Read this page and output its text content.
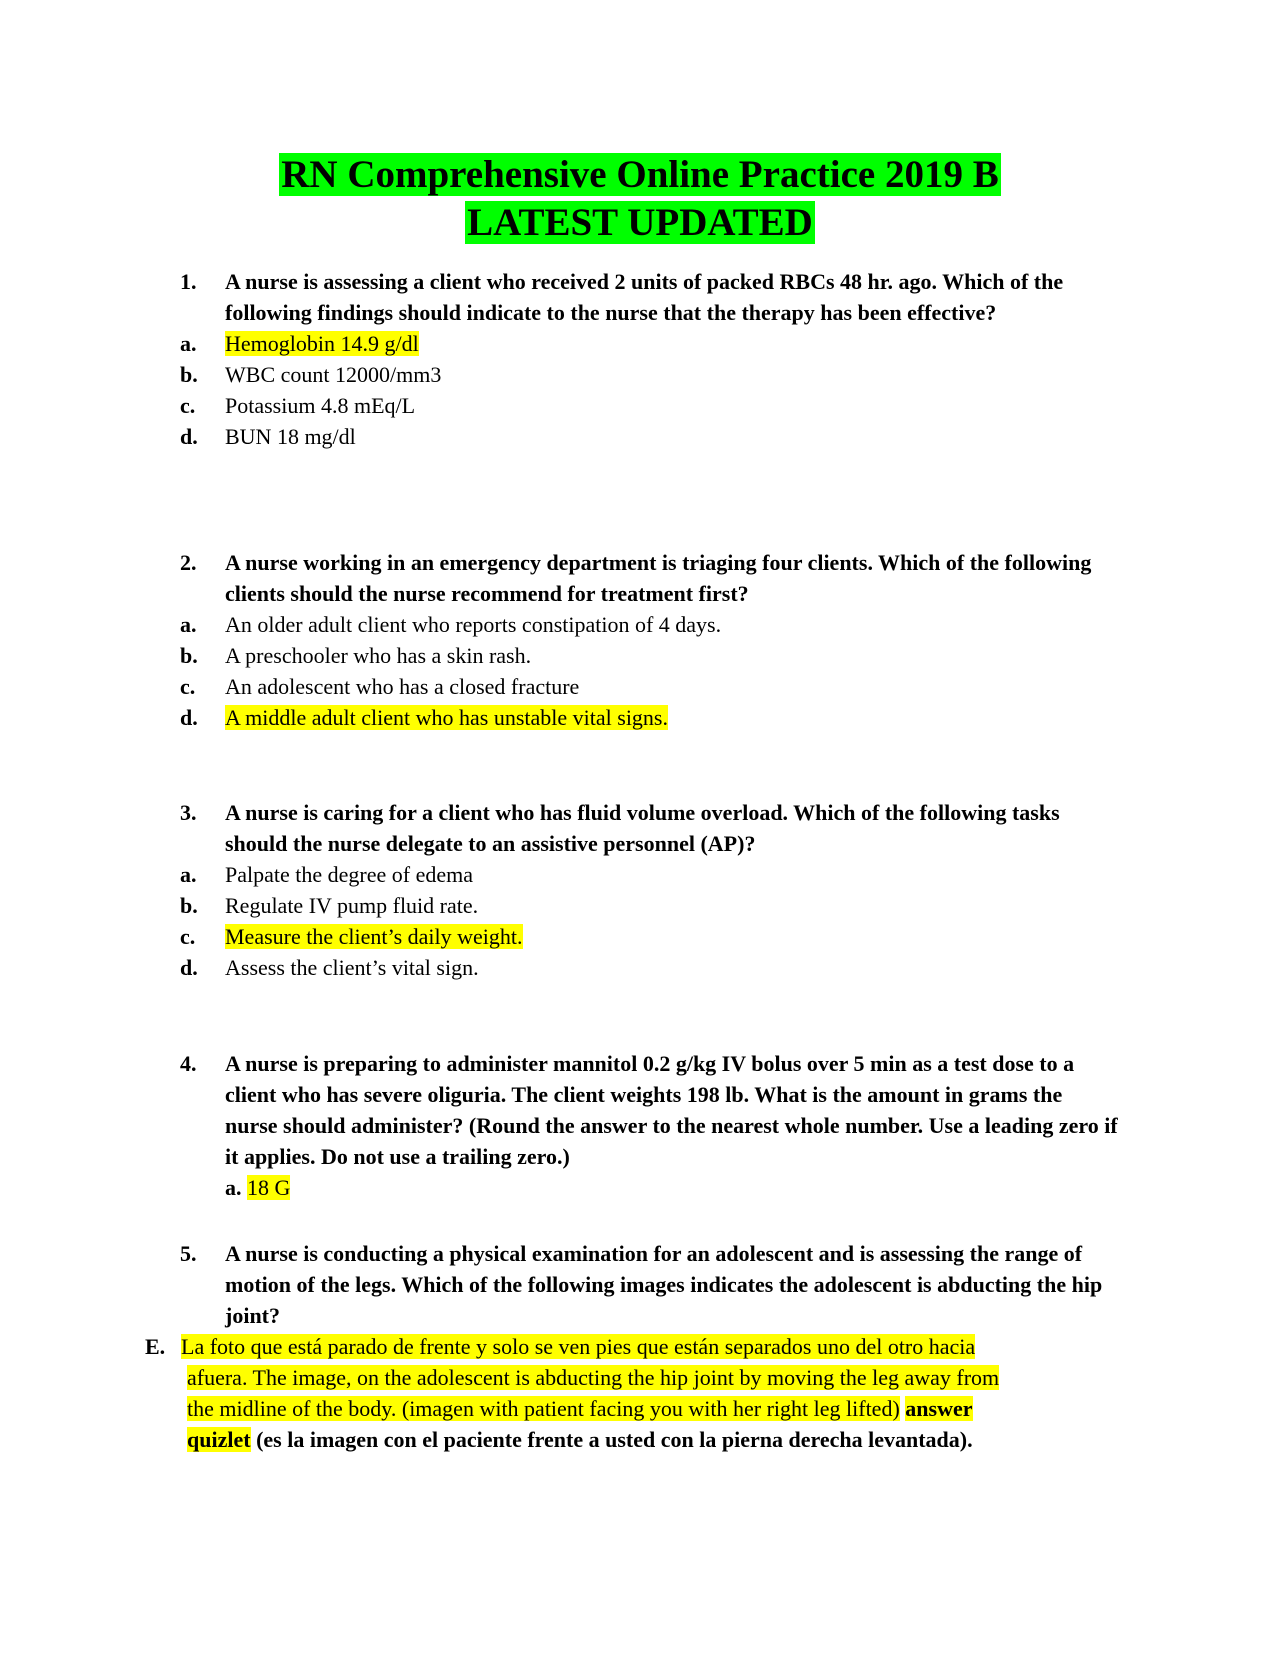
RN Comprehensive Online Practice 2019 B
LATEST UPDATED
1.	A nurse is assessing a client who received 2 units of packed RBCs 48 hr. ago. Which of the following findings should indicate to the nurse that the therapy has been effective?
a.	Hemoglobin 14.9 g/dl
b.	WBC count 12000/mm3
c.	Potassium 4.8 mEq/L
d.	BUN 18 mg/dl
2.	A nurse working in an emergency department is triaging four clients. Which of the following clients should the nurse recommend for treatment first?
a.	An older adult client who reports constipation of 4 days.
b.	A preschooler who has a skin rash.
c.	An adolescent who has a closed fracture
d.	A middle adult client who has unstable vital signs.
3.	A nurse is caring for a client who has fluid volume overload. Which of the following tasks should the nurse delegate to an assistive personnel (AP)?
a.	Palpate the degree of edema
b.	Regulate IV pump fluid rate.
c.	Measure the client’s daily weight.
d.	Assess the client’s vital sign.
4.	A nurse is preparing to administer mannitol 0.2 g/kg IV bolus over 5 min as a test dose to a client who has severe oliguria. The client weights 198 lb. What is the amount in grams the nurse should administer? (Round the answer to the nearest whole number. Use a leading zero if it applies. Do not use a trailing zero.)
a. 18 G
5.	A nurse is conducting a physical examination for an adolescent and is assessing the range of motion of the legs. Which of the following images indicates the adolescent is abducting the hip joint?
E. La foto que está parado de frente y solo se ven pies que están separados uno del otro hacia
afuera. The image, on the adolescent is abducting the hip joint by moving the leg away from
the midline of the body. (imagen with patient facing you with her right leg lifted) answer
quizlet (es la imagen con el paciente frente a usted con la pierna derecha levantada).
